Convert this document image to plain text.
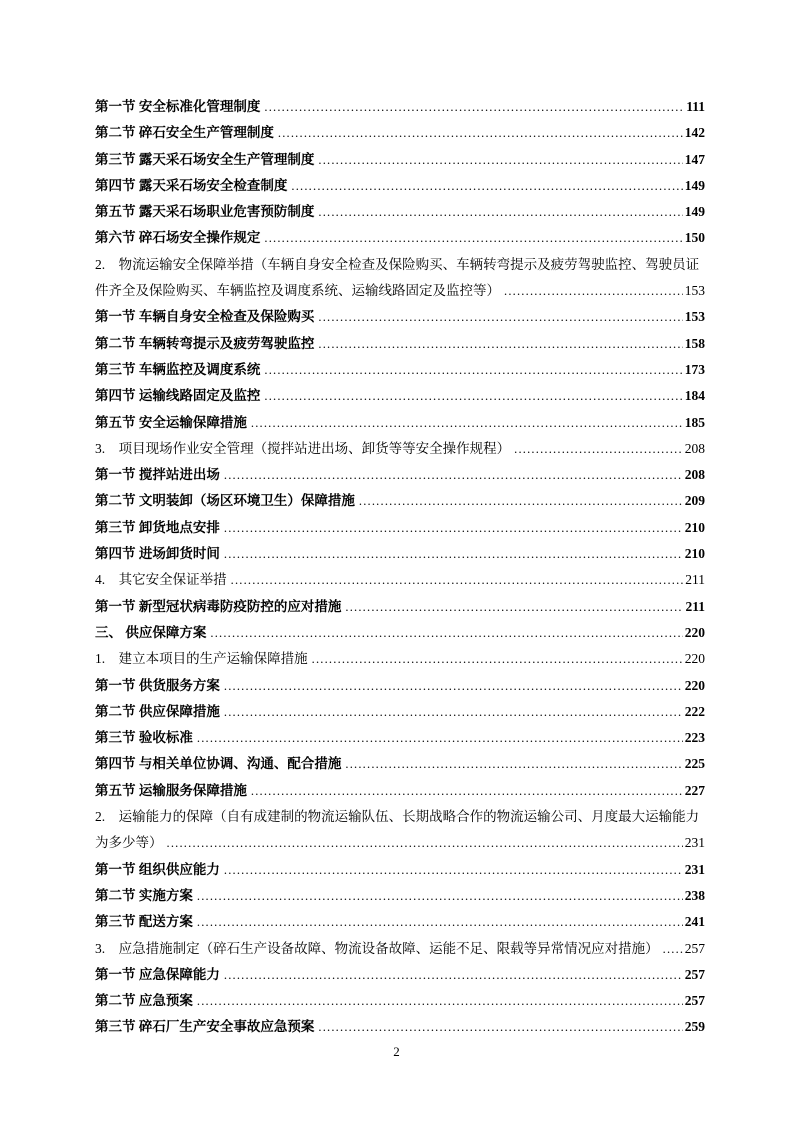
第一节 安全标准化管理制度 .....	111
第二节 碎石安全生产管理制度 .....	142
第三节 露天采石场安全生产管理制度 .....	147
第四节 露天采石场安全检查制度 .....	149
第五节 露天采石场职业危害预防制度 .....	149
第六节 碎石场安全操作规定 .....	150
2.　物流运输安全保障举措（车辆自身安全检查及保险购买、车辆转弯提示及疲劳驾驶监控、驾驶员证
件齐全及保险购买、车辆监控及调度系统、运输线路固定及监控等） .....	153
第一节 车辆自身安全检查及保险购买 .....	153
第二节 车辆转弯提示及疲劳驾驶监控 .....	158
第三节 车辆监控及调度系统 .....	173
第四节 运输线路固定及监控 .....	184
第五节 安全运输保障措施 .....	185
3.　项目现场作业安全管理（搅拌站进出场、卸货等等安全操作规程） .....	208
第一节 搅拌站进出场 .....	208
第二节 文明装卸（场区环境卫生）保障措施 .....	209
第三节 卸货地点安排 .....	210
第四节 进场卸货时间 .....	210
4.　其它安全保证举措 .....	211
第一节 新型冠状病毒防疫防控的应对措施 .....	211
三、 供应保障方案 .....	220
1.　建立本项目的生产运输保障措施 .....	220
第一节 供货服务方案 .....	220
第二节 供应保障措施 .....	222
第三节 验收标准 .....	223
第四节 与相关单位协调、沟通、配合措施 .....	225
第五节 运输服务保障措施 .....	227
2.　运输能力的保障（自有成建制的物流运输队伍、长期战略合作的物流运输公司、月度最大运输能力
为多少等） .....	231
第一节 组织供应能力 .....	231
第二节 实施方案 .....	238
第三节 配送方案 .....	241
3.　应急措施制定（碎石生产设备故障、物流设备故障、运能不足、限载等异常情况应对措施） ..... 257
第一节 应急保障能力 .....	257
第二节 应急预案 .....	257
第三节 碎石厂生产安全事故应急预案 .....	259
2
